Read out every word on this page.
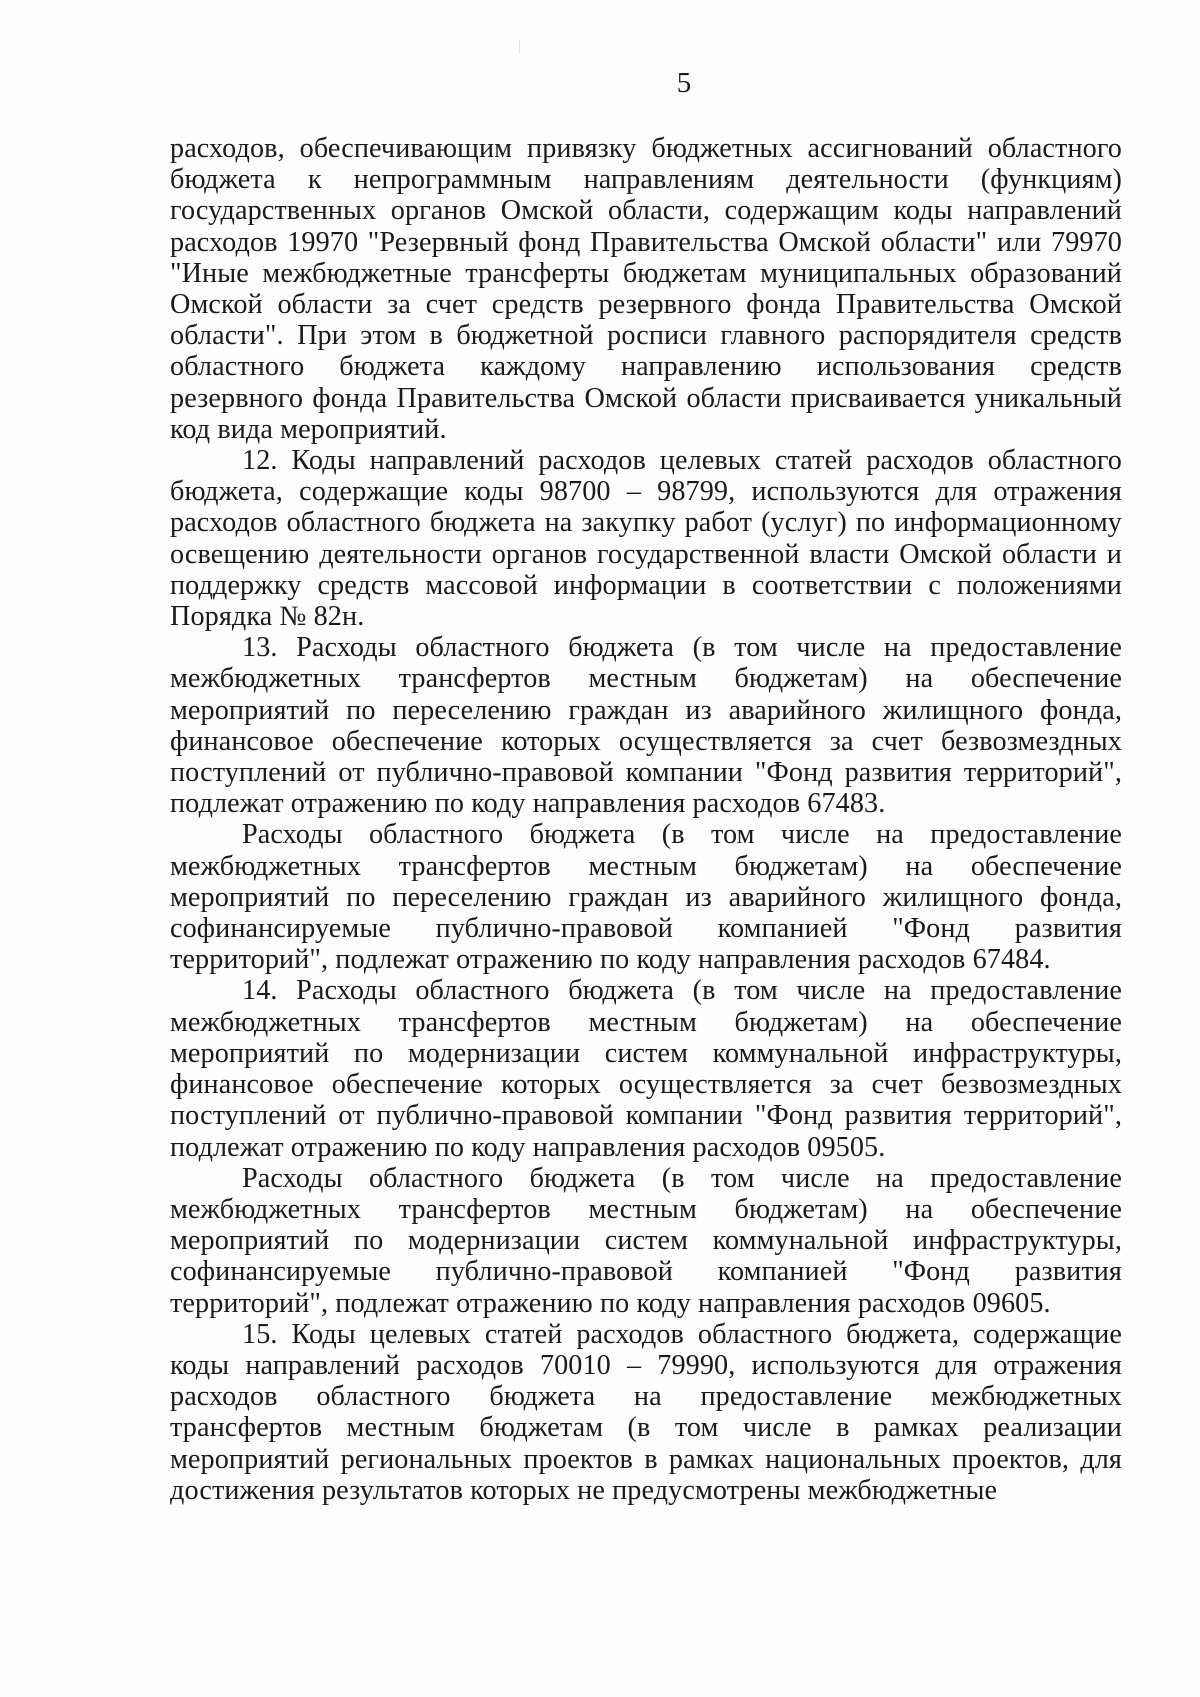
5

расходов, обеспечивающим привязку бюджетных ассигнований областного бюджета к непрограммным направлениям деятельности (функциям) государственных органов Омской области, содержащим коды направлений расходов 19970 "Резервный фонд Правительства Омской области" или 79970 "Иные межбюджетные трансферты бюджетам муниципальных образований Омской области за счет средств резервного фонда Правительства Омской области". При этом в бюджетной росписи главного распорядителя средств областного бюджета каждому направлению использования средств резервного фонда Правительства Омской области присваивается уникальный код вида мероприятий.

12. Коды направлений расходов целевых статей расходов областного бюджета, содержащие коды 98700 – 98799, используются для отражения расходов областного бюджета на закупку работ (услуг) по информационному освещению деятельности органов государственной власти Омской области и поддержку средств массовой информации в соответствии с положениями Порядка № 82н.

13. Расходы областного бюджета (в том числе на предоставление межбюджетных трансфертов местным бюджетам) на обеспечение мероприятий по переселению граждан из аварийного жилищного фонда, финансовое обеспечение которых осуществляется за счет безвозмездных поступлений от публично-правовой компании "Фонд развития территорий", подлежат отражению по коду направления расходов 67483.

Расходы областного бюджета (в том числе на предоставление межбюджетных трансфертов местным бюджетам) на обеспечение мероприятий по переселению граждан из аварийного жилищного фонда, софинансируемые публично-правовой компанией "Фонд развития территорий", подлежат отражению по коду направления расходов 67484.

14. Расходы областного бюджета (в том числе на предоставление межбюджетных трансфертов местным бюджетам) на обеспечение мероприятий по модернизации систем коммунальной инфраструктуры, финансовое обеспечение которых осуществляется за счет безвозмездных поступлений от публично-правовой компании "Фонд развития территорий", подлежат отражению по коду направления расходов 09505.

Расходы областного бюджета (в том числе на предоставление межбюджетных трансфертов местным бюджетам) на обеспечение мероприятий по модернизации систем коммунальной инфраструктуры, софинансируемые публично-правовой компанией "Фонд развития территорий", подлежат отражению по коду направления расходов 09605.

15. Коды целевых статей расходов областного бюджета, содержащие коды направлений расходов 70010 – 79990, используются для отражения расходов областного бюджета на предоставление межбюджетных трансфертов местным бюджетам (в том числе в рамках реализации мероприятий региональных проектов в рамках национальных проектов, для достижения результатов которых не предусмотрены межбюджетные
